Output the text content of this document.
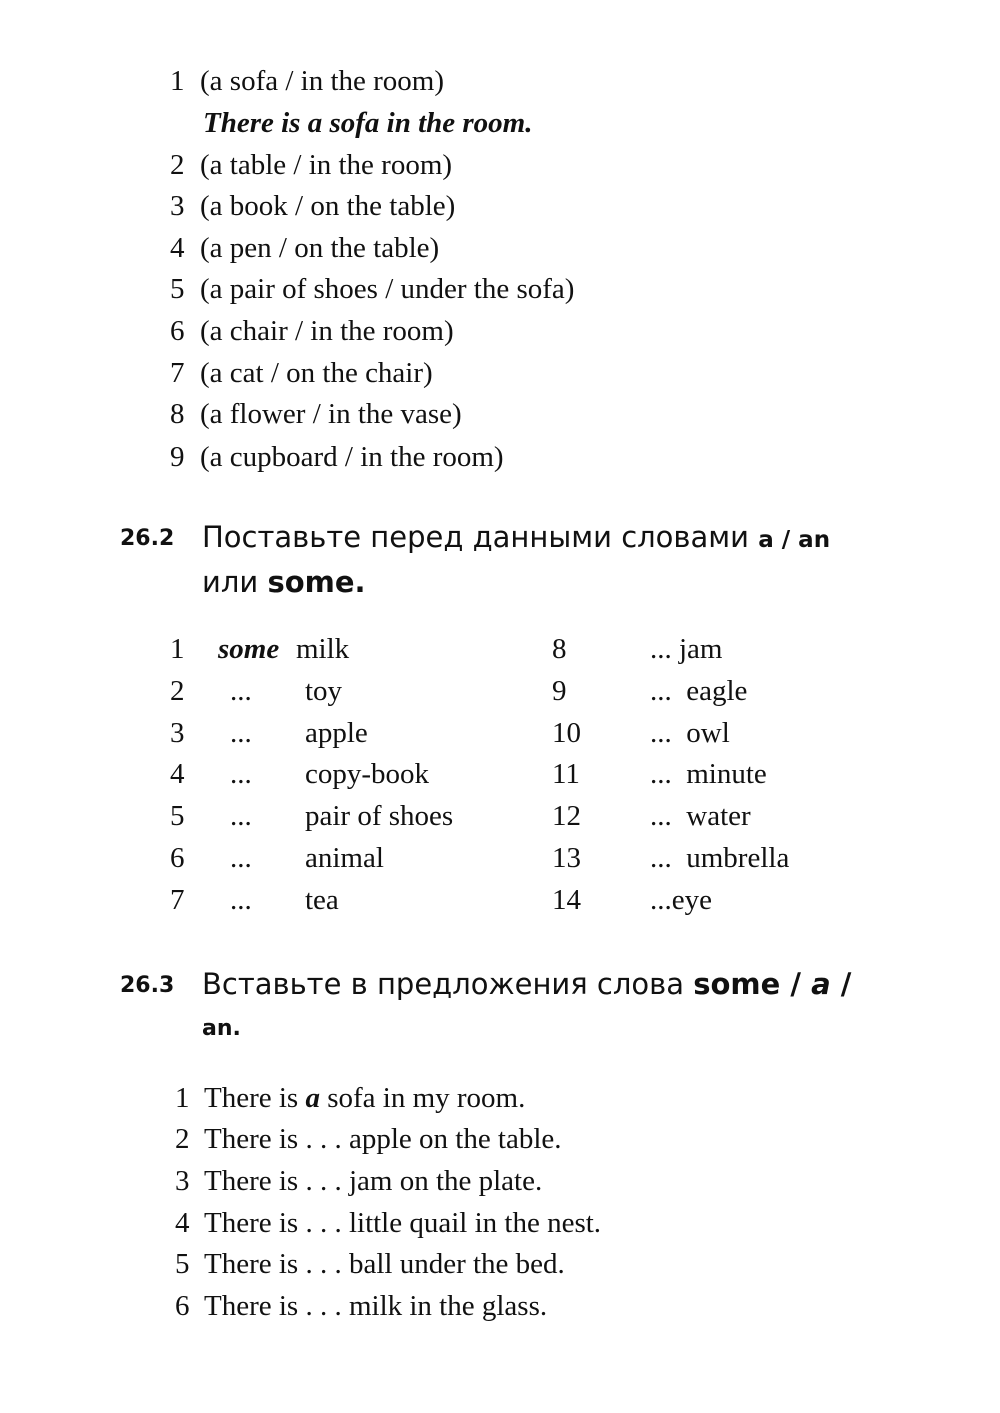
1 (a sofa / in the room)
There is a sofa in the room.
2 (a table / in the room)
3 (a book / on the table)
4 (a pen / on the table)
5 (a pair of shoes / under the sofa)
6 (a chair / in the room)
7 (a cat / on the chair)
8 (a flower / in the vase)
9 (a cupboard / in the room)
26.2 Поставьте перед данными словами a / an
или some.
1 some milk
2 ... toy
3 ... apple
4 ... copy-book
5 ... pair of shoes
6 ... animal
7 ... tea
8	... jam
9	...  eagle
10 ...  owl
11 ...  minute
12 ...  water
13 ...  umbrella
14 ...eye
26.3 Вставьте в предложения слова some / a /
an.
1 There is a sofa in my room.
2 There is . . . apple on the table.
3 There is . . . jam on the plate.
4 There is . . . little quail in the nest.
5 There is . . . ball under the bed.
6 There is . . . milk in the glass.
